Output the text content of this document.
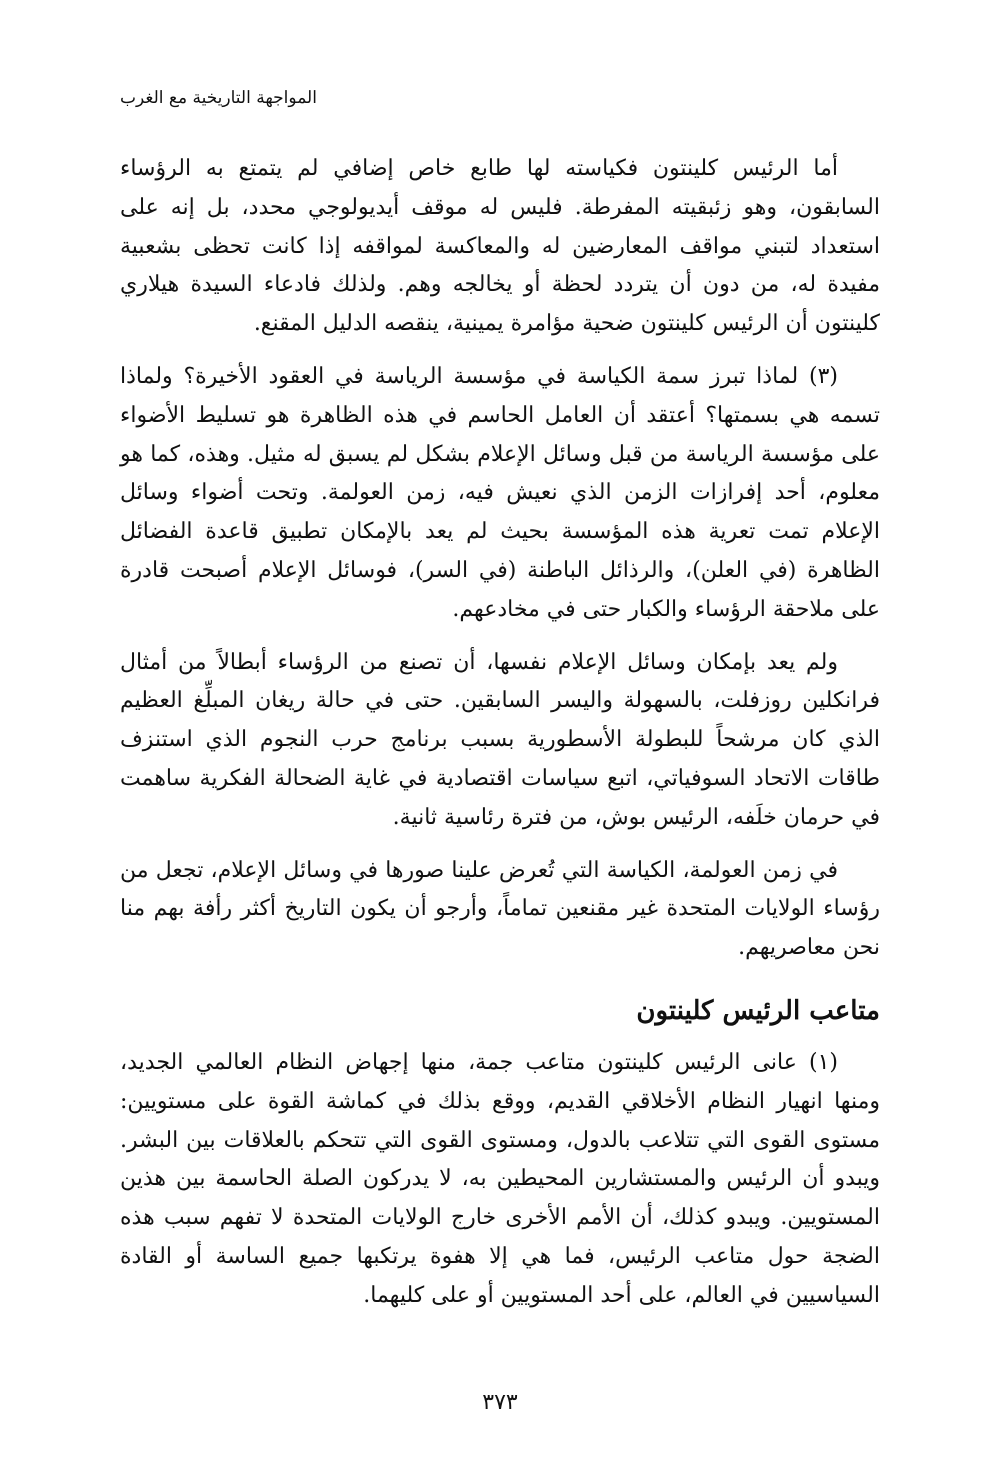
المواجهة التاريخية مع الغرب

أما الرئيس كلينتون فكياسته لها طابع خاص إضافي لم يتمتع به الرؤساء السابقون، وهو زئبقيته المفرطة. فليس له موقف أيديولوجي محدد، بل إنه على استعداد لتبني مواقف المعارضين له والمعاكسة لمواقفه إذا كانت تحظى بشعبية مفيدة له، من دون أن يتردد لحظة أو يخالجه وهم. ولذلك فادعاء السيدة هيلاري كلينتون أن الرئيس كلينتون ضحية مؤامرة يمينية، ينقصه الدليل المقنع.

(٣) لماذا تبرز سمة الكياسة في مؤسسة الرياسة في العقود الأخيرة؟ ولماذا تسمه هي بسمتها؟ أعتقد أن العامل الحاسم في هذه الظاهرة هو تسليط الأضواء على مؤسسة الرياسة من قبل وسائل الإعلام بشكل لم يسبق له مثيل. وهذه، كما هو معلوم، أحد إفرازات الزمن الذي نعيش فيه، زمن العولمة. وتحت أضواء وسائل الإعلام تمت تعرية هذه المؤسسة بحيث لم يعد بالإمكان تطبيق قاعدة الفضائل الظاهرة (في العلن)، والرذائل الباطنة (في السر)، فوسائل الإعلام أصبحت قادرة على ملاحقة الرؤساء والكبار حتى في مخادعهم.

ولم يعد بإمكان وسائل الإعلام نفسها، أن تصنع من الرؤساء أبطالاً من أمثال فرانكلين روزفلت، بالسهولة واليسر السابقين. حتى في حالة ريغان المبلِّغ العظيم الذي كان مرشحاً للبطولة الأسطورية بسبب برنامج حرب النجوم الذي استنزف طاقات الاتحاد السوفياتي، اتبع سياسات اقتصادية في غاية الضحالة الفكرية ساهمت في حرمان خلَفه، الرئيس بوش، من فترة رئاسية ثانية.

في زمن العولمة، الكياسة التي تُعرض علينا صورها في وسائل الإعلام، تجعل من رؤساء الولايات المتحدة غير مقنعين تماماً، وأرجو أن يكون التاريخ أكثر رأفة بهم منا نحن معاصريهم.

متاعب الرئيس كلينتون

(١) عانى الرئيس كلينتون متاعب جمة، منها إجهاض النظام العالمي الجديد، ومنها انهيار النظام الأخلاقي القديم، ووقع بذلك في كماشة القوة على مستويين: مستوى القوى التي تتلاعب بالدول، ومستوى القوى التي تتحكم بالعلاقات بين البشر. ويبدو أن الرئيس والمستشارين المحيطين به، لا يدركون الصلة الحاسمة بين هذين المستويين. ويبدو كذلك، أن الأمم الأخرى خارج الولايات المتحدة لا تفهم سبب هذه الضجة حول متاعب الرئيس، فما هي إلا هفوة يرتكبها جميع الساسة أو القادة السياسيين في العالم، على أحد المستويين أو على كليهما.

٣٧٣
